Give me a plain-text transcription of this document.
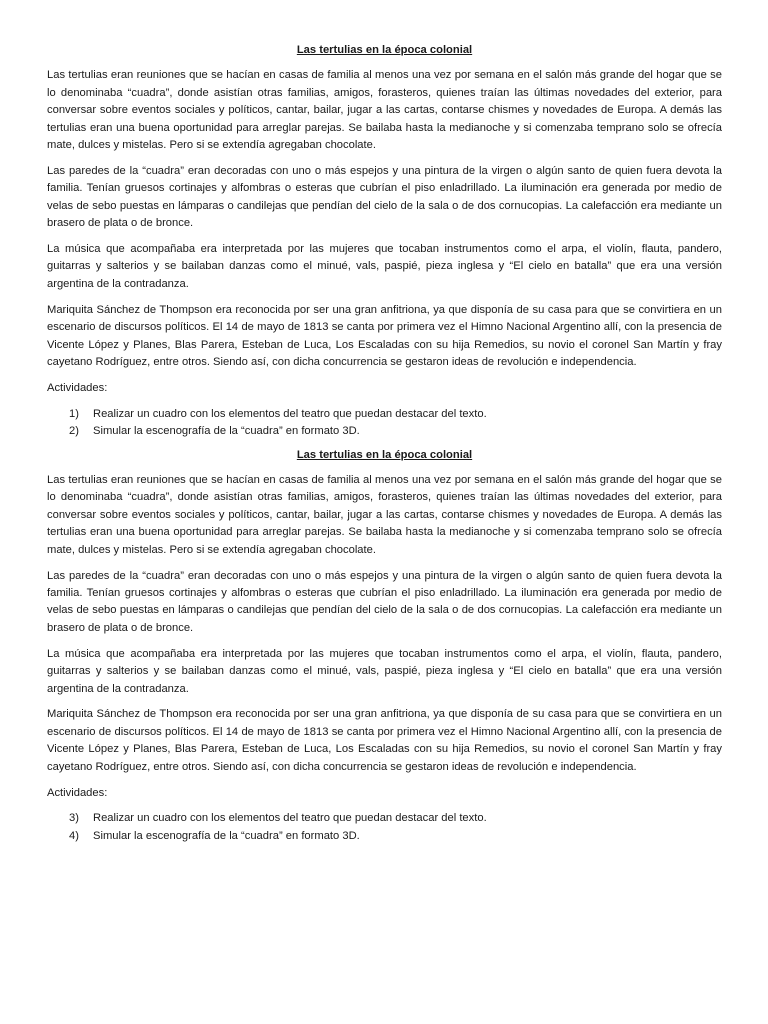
Las tertulias en la época colonial

Las tertulias eran reuniones que se hacían en casas de familia al menos una vez por semana en el salón más grande del hogar que se lo denominaba “cuadra”, donde asistían otras familias, amigos, forasteros, quienes traían las últimas novedades del exterior, para conversar sobre eventos sociales y políticos, cantar, bailar, jugar a las cartas, contarse chismes y novedades de Europa. A demás las tertulias eran una buena oportunidad para arreglar parejas. Se bailaba hasta la medianoche y si comenzaba temprano solo se ofrecía mate, dulces y mistelas. Pero si se extendía agregaban chocolate.

Las paredes de la “cuadra” eran decoradas con uno o más espejos y una pintura de la virgen o algún santo de quien fuera devota la familia. Tenían gruesos cortinajes y alfombras o esteras que cubrían el piso enladrillado. La iluminación era generada por medio de velas de sebo puestas en lámparas o candilejas que pendían del cielo de la sala o de dos cornucopias. La calefacción era mediante un brasero de plata o de bronce.

La música que acompañaba era interpretada por las mujeres que tocaban instrumentos como el arpa, el violín, flauta, pandero, guitarras y salterios y se bailaban danzas como el minué, vals, paspié, pieza inglesa y “El cielo en batalla” que era una versión argentina de la contradanza.

Mariquita Sánchez de Thompson era reconocida por ser una gran anfitriona, ya que disponía de su casa para que se convirtiera en un escenario de discursos políticos. El 14 de mayo de 1813 se canta por primera vez el Himno Nacional Argentino allí, con la presencia de Vicente López y Planes, Blas Parera, Esteban de Luca, Los Escaladas con su hija Remedios, su novio el coronel San Martín y fray cayetano Rodríguez, entre otros. Siendo así, con dicha concurrencia se gestaron ideas de revolución e independencia.

Actividades:

1)	Realizar un cuadro con los elementos del teatro que puedan destacar del texto.
2)	Simular la escenografía de la “cuadra” en formato 3D.

Las tertulias en la época colonial

Las tertulias eran reuniones que se hacían en casas de familia al menos una vez por semana en el salón más grande del hogar que se lo denominaba “cuadra”, donde asistían otras familias, amigos, forasteros, quienes traían las últimas novedades del exterior, para conversar sobre eventos sociales y políticos, cantar, bailar, jugar a las cartas, contarse chismes y novedades de Europa. A demás las tertulias eran una buena oportunidad para arreglar parejas. Se bailaba hasta la medianoche y si comenzaba temprano solo se ofrecía mate, dulces y mistelas. Pero si se extendía agregaban chocolate.

Las paredes de la “cuadra” eran decoradas con uno o más espejos y una pintura de la virgen o algún santo de quien fuera devota la familia. Tenían gruesos cortinajes y alfombras o esteras que cubrían el piso enladrillado. La iluminación era generada por medio de velas de sebo puestas en lámparas o candilejas que pendían del cielo de la sala o de dos cornucopias. La calefacción era mediante un brasero de plata o de bronce.

La música que acompañaba era interpretada por las mujeres que tocaban instrumentos como el arpa, el violín, flauta, pandero, guitarras y salterios y se bailaban danzas como el minué, vals, paspié, pieza inglesa y “El cielo en batalla” que era una versión argentina de la contradanza.

Mariquita Sánchez de Thompson era reconocida por ser una gran anfitriona, ya que disponía de su casa para que se convirtiera en un escenario de discursos políticos. El 14 de mayo de 1813 se canta por primera vez el Himno Nacional Argentino allí, con la presencia de Vicente López y Planes, Blas Parera, Esteban de Luca, Los Escaladas con su hija Remedios, su novio el coronel San Martín y fray cayetano Rodríguez, entre otros. Siendo así, con dicha concurrencia se gestaron ideas de revolución e independencia.

Actividades:

3)	Realizar un cuadro con los elementos del teatro que puedan destacar del texto.
4)	Simular la escenografía de la “cuadra” en formato 3D.
